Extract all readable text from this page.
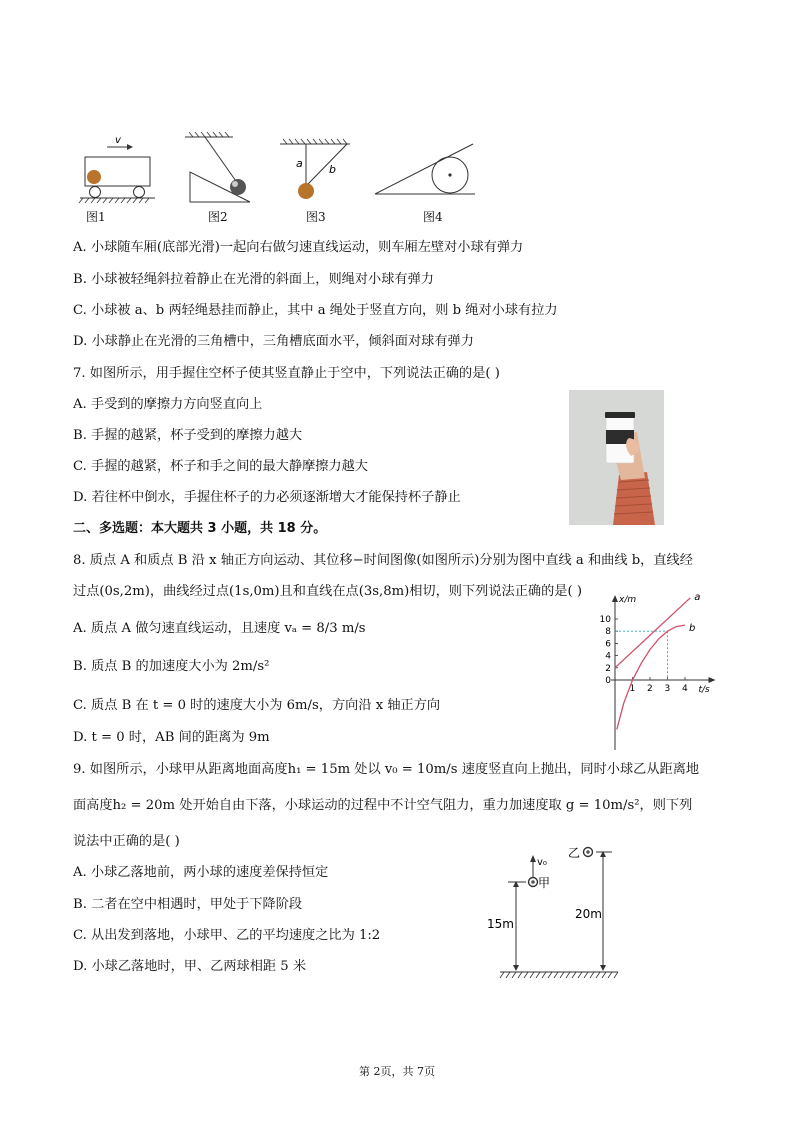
v
a b
图1	图2	图3	图4
A. 小球随车厢(底部光滑)一起向右做匀速直线运动，则车厢左壁对小球有弹力
B. 小球被轻绳斜拉着静止在光滑的斜面上，则绳对小球有弹力
C. 小球被 a、b 两轻绳悬挂而静止，其中 a 绳处于竖直方向，则 b 绳对小球有拉力
D. 小球静止在光滑的三角槽中，三角槽底面水平，倾斜面对球有弹力
7. 如图所示，用手握住空杯子使其竖直静止于空中，下列说法正确的是( )
A. 手受到的摩擦力方向竖直向上
B. 手握的越紧，杯子受到的摩擦力越大
C. 手握的越紧，杯子和手之间的最大静摩擦力越大
D. 若往杯中倒水，手握住杯子的力必须逐渐增大才能保持杯子静止
二、多选题：本大题共 3 小题，共 18 分。
8. 质点 A 和质点 B 沿 x 轴正方向运动、其位移−时间图像(如图所示)分别为图中直线 a 和曲线 b，直线经
过点(0s,2m)，曲线经过点(1s,0m)且和直线在点(3s,8m)相切，则下列说法正确的是( )
A. 质点 A 做匀速直线运动，且速度 vₐ = 8/3 m/s
B. 质点 B 的加速度大小为 2m/s²
C. 质点 B 在 t = 0 时的速度大小为 6m/s，方向沿 x 轴正方向
D. t = 0 时，AB 间的距离为 9m
x/m
t/s
10
8
6
4
2
0
1 2 3 4
a
b
9. 如图所示，小球甲从距离地面高度h₁ = 15m 处以 v₀ = 10m/s 速度竖直向上抛出，同时小球乙从距离地
面高度h₂ = 20m 处开始自由下落，小球运动的过程中不计空气阻力，重力加速度取 g = 10m/s²，则下列
说法中正确的是( )
A. 小球乙落地前，两小球的速度差保持恒定
B. 二者在空中相遇时，甲处于下降阶段
C. 从出发到落地，小球甲、乙的平均速度之比为 1:2
D. 小球乙落地时，甲、乙两球相距 5 米
v₀
甲
15m
乙
20m
第 2页，共 7页
